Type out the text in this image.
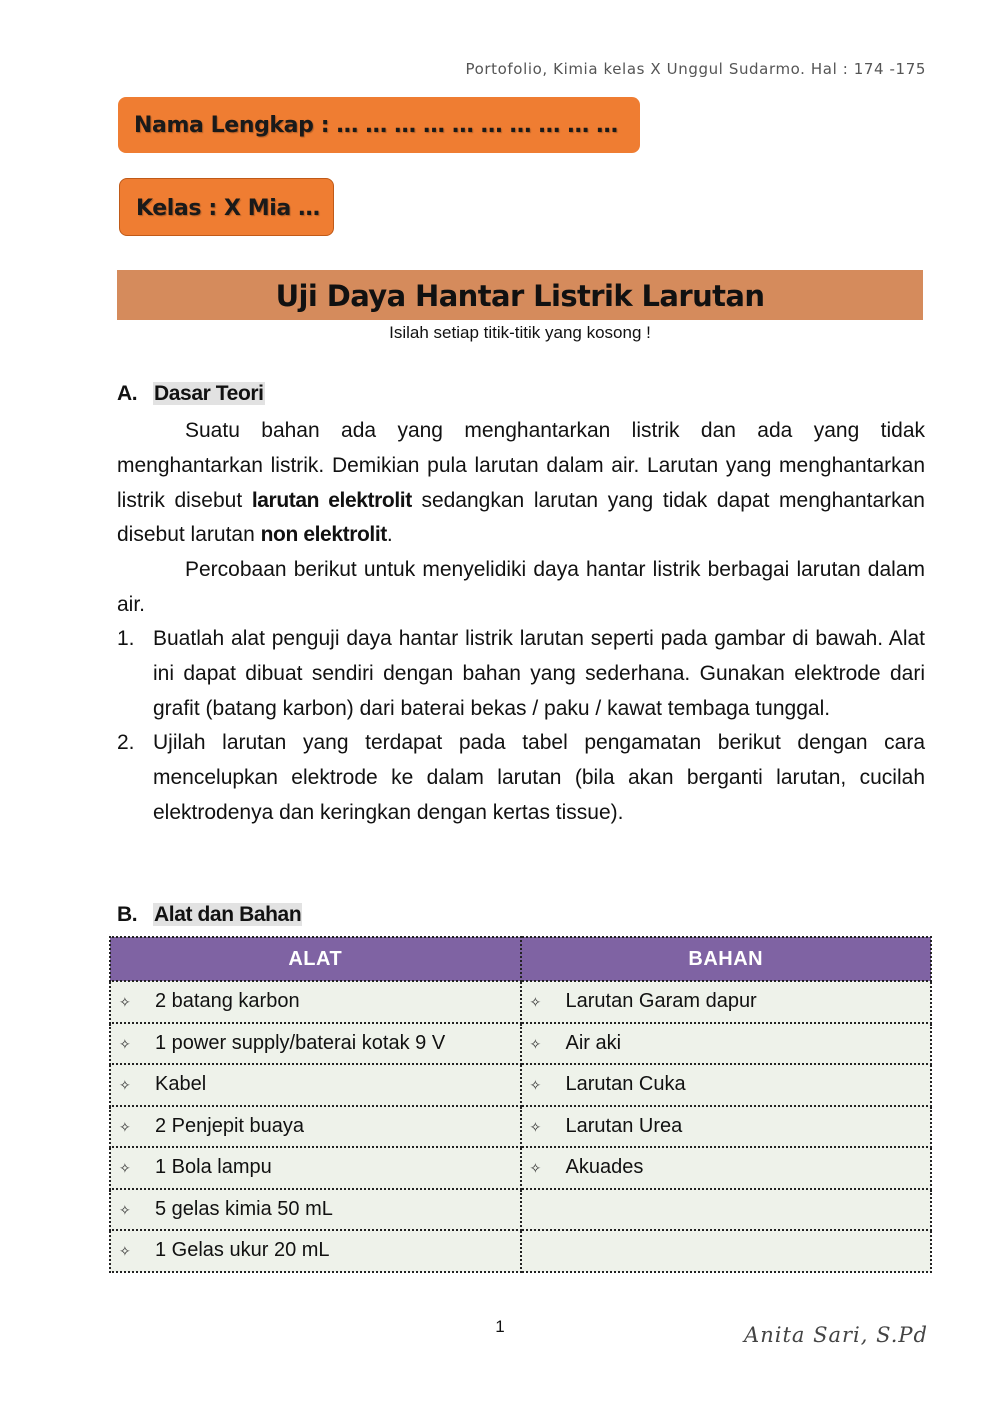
Portofolio, Kimia kelas X Unggul Sudarmo. Hal : 174 -175
Nama Lengkap : … … … … … … … … … …
Kelas : X Mia …
Uji Daya Hantar Listrik Larutan
Isilah setiap titik-titik yang kosong !
A. Dasar Teori
Suatu bahan ada yang menghantarkan listrik dan ada yang tidak menghantarkan listrik. Demikian pula larutan dalam air. Larutan yang menghantarkan listrik disebut larutan elektrolit sedangkan larutan yang tidak dapat menghantarkan disebut larutan non elektrolit.
Percobaan berikut untuk menyelidiki daya hantar listrik berbagai larutan dalam air.
1. Buatlah alat penguji daya hantar listrik larutan seperti pada gambar di bawah. Alat ini dapat dibuat sendiri dengan bahan yang sederhana. Gunakan elektrode dari grafit (batang karbon) dari baterai bekas / paku / kawat tembaga tunggal.
2. Ujilah larutan yang terdapat pada tabel pengamatan berikut dengan cara mencelupkan elektrode ke dalam larutan (bila akan berganti larutan, cucilah elektrodenya dan keringkan dengan kertas tissue).
B. Alat dan Bahan
ALAT	BAHAN
✧ 2 batang karbon	✧ Larutan Garam dapur
✧ 1 power supply/baterai kotak 9 V	✧ Air aki
✧ Kabel	✧ Larutan Cuka
✧ 2 Penjepit buaya	✧ Larutan Urea
✧ 1 Bola lampu	✧ Akuades
✧ 5 gelas kimia 50 mL	
✧ 1 Gelas ukur 20 mL	
1	Anita Sari, S.Pd
